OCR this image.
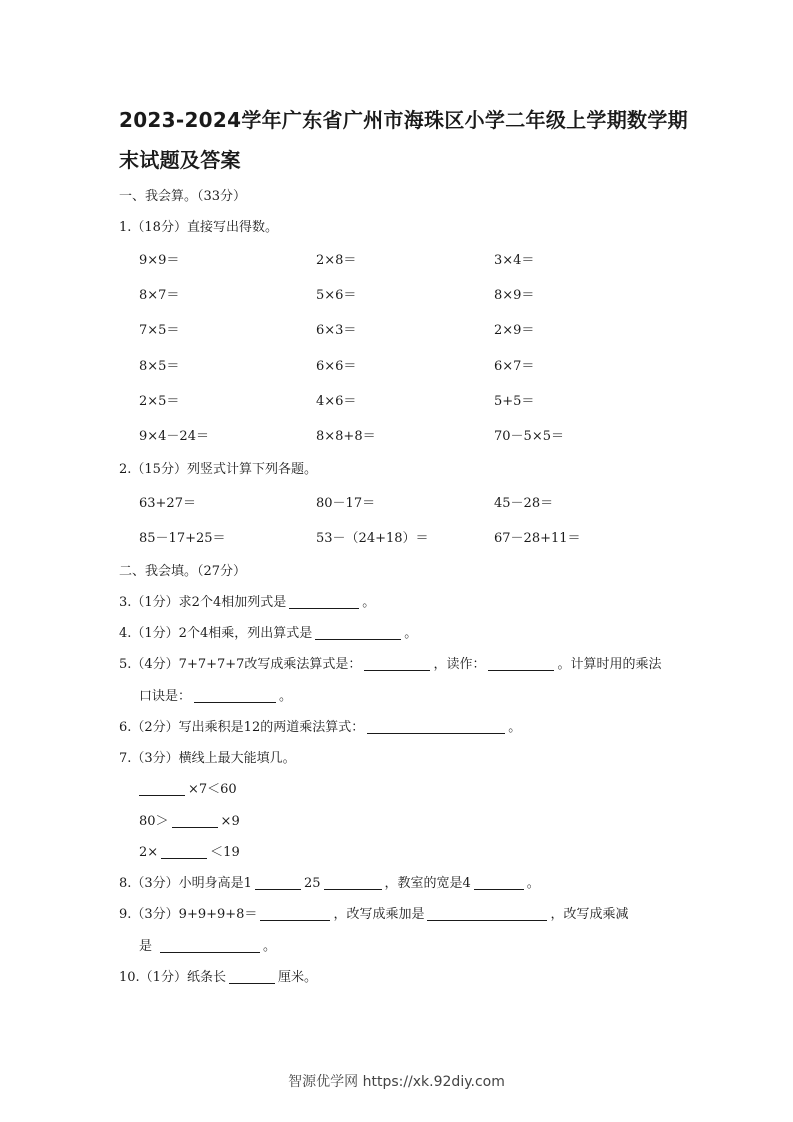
2023-2024学年广东省广州市海珠区小学二年级上学期数学期末试题及答案
一、我会算。（33分）
1.（18分）直接写出得数。
9×9＝	2×8＝	3×4＝
8×7＝	5×6＝	8×9＝
7×5＝	6×3＝	2×9＝
8×5＝	6×6＝	6×7＝
2×5＝	4×6＝	5+5＝
9×4－24＝	8×8+8＝	70－5×5＝
2.（15分）列竖式计算下列各题。
63+27＝	80－17＝	45－28＝
85－17+25＝	53－（24+18）＝	67－28+11＝
二、我会填。（27分）
3.（1分）求2个4相加列式是	。
4.（1分）2个4相乘，列出算式是	。
5.（4分）7+7+7+7改写成乘法算式是：	，读作：	。计算时用的乘法
口诀是：	。
6.（2分）写出乘积是12的两道乘法算式：	。
7.（3分）横线上最大能填几。
×7＜60
80＞	×9
2×	＜19
8.（3分）小明身高是1	25	，教室的宽是4	。
9.（3分）9+9+9+8＝	，改写成乘加是	，改写成乘减
是	。
10.（1分）纸条长	厘米。
智源优学网 https://xk.92diy.com
